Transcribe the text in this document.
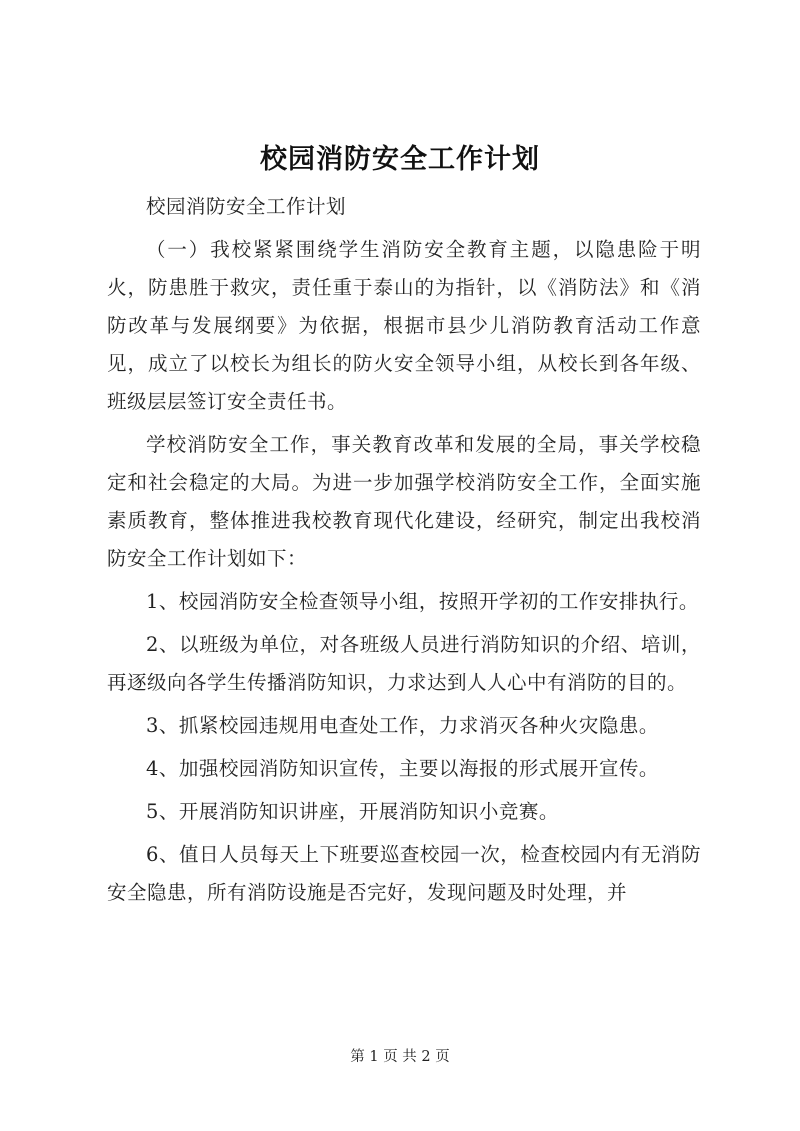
校园消防安全工作计划

校园消防安全工作计划

（一）我校紧紧围绕学生消防安全教育主题，以隐患险于明火，防患胜于救灾，责任重于泰山的为指针，以《消防法》和《消防改革与发展纲要》为依据，根据市县少儿消防教育活动工作意见，成立了以校长为组长的防火安全领导小组，从校长到各年级、班级层层签订安全责任书。

学校消防安全工作，事关教育改革和发展的全局，事关学校稳定和社会稳定的大局。为进一步加强学校消防安全工作，全面实施素质教育，整体推进我校教育现代化建设，经研究，制定出我校消防安全工作计划如下：

1、校园消防安全检查领导小组，按照开学初的工作安排执行。

2、以班级为单位，对各班级人员进行消防知识的介绍、培训，再逐级向各学生传播消防知识，力求达到人人心中有消防的目的。

3、抓紧校园违规用电查处工作，力求消灭各种火灾隐患。

4、加强校园消防知识宣传，主要以海报的形式展开宣传。

5、开展消防知识讲座，开展消防知识小竞赛。

6、值日人员每天上下班要巡查校园一次，检查校园内有无消防安全隐患，所有消防设施是否完好，发现问题及时处理，并

第 1 页 共 2 页
